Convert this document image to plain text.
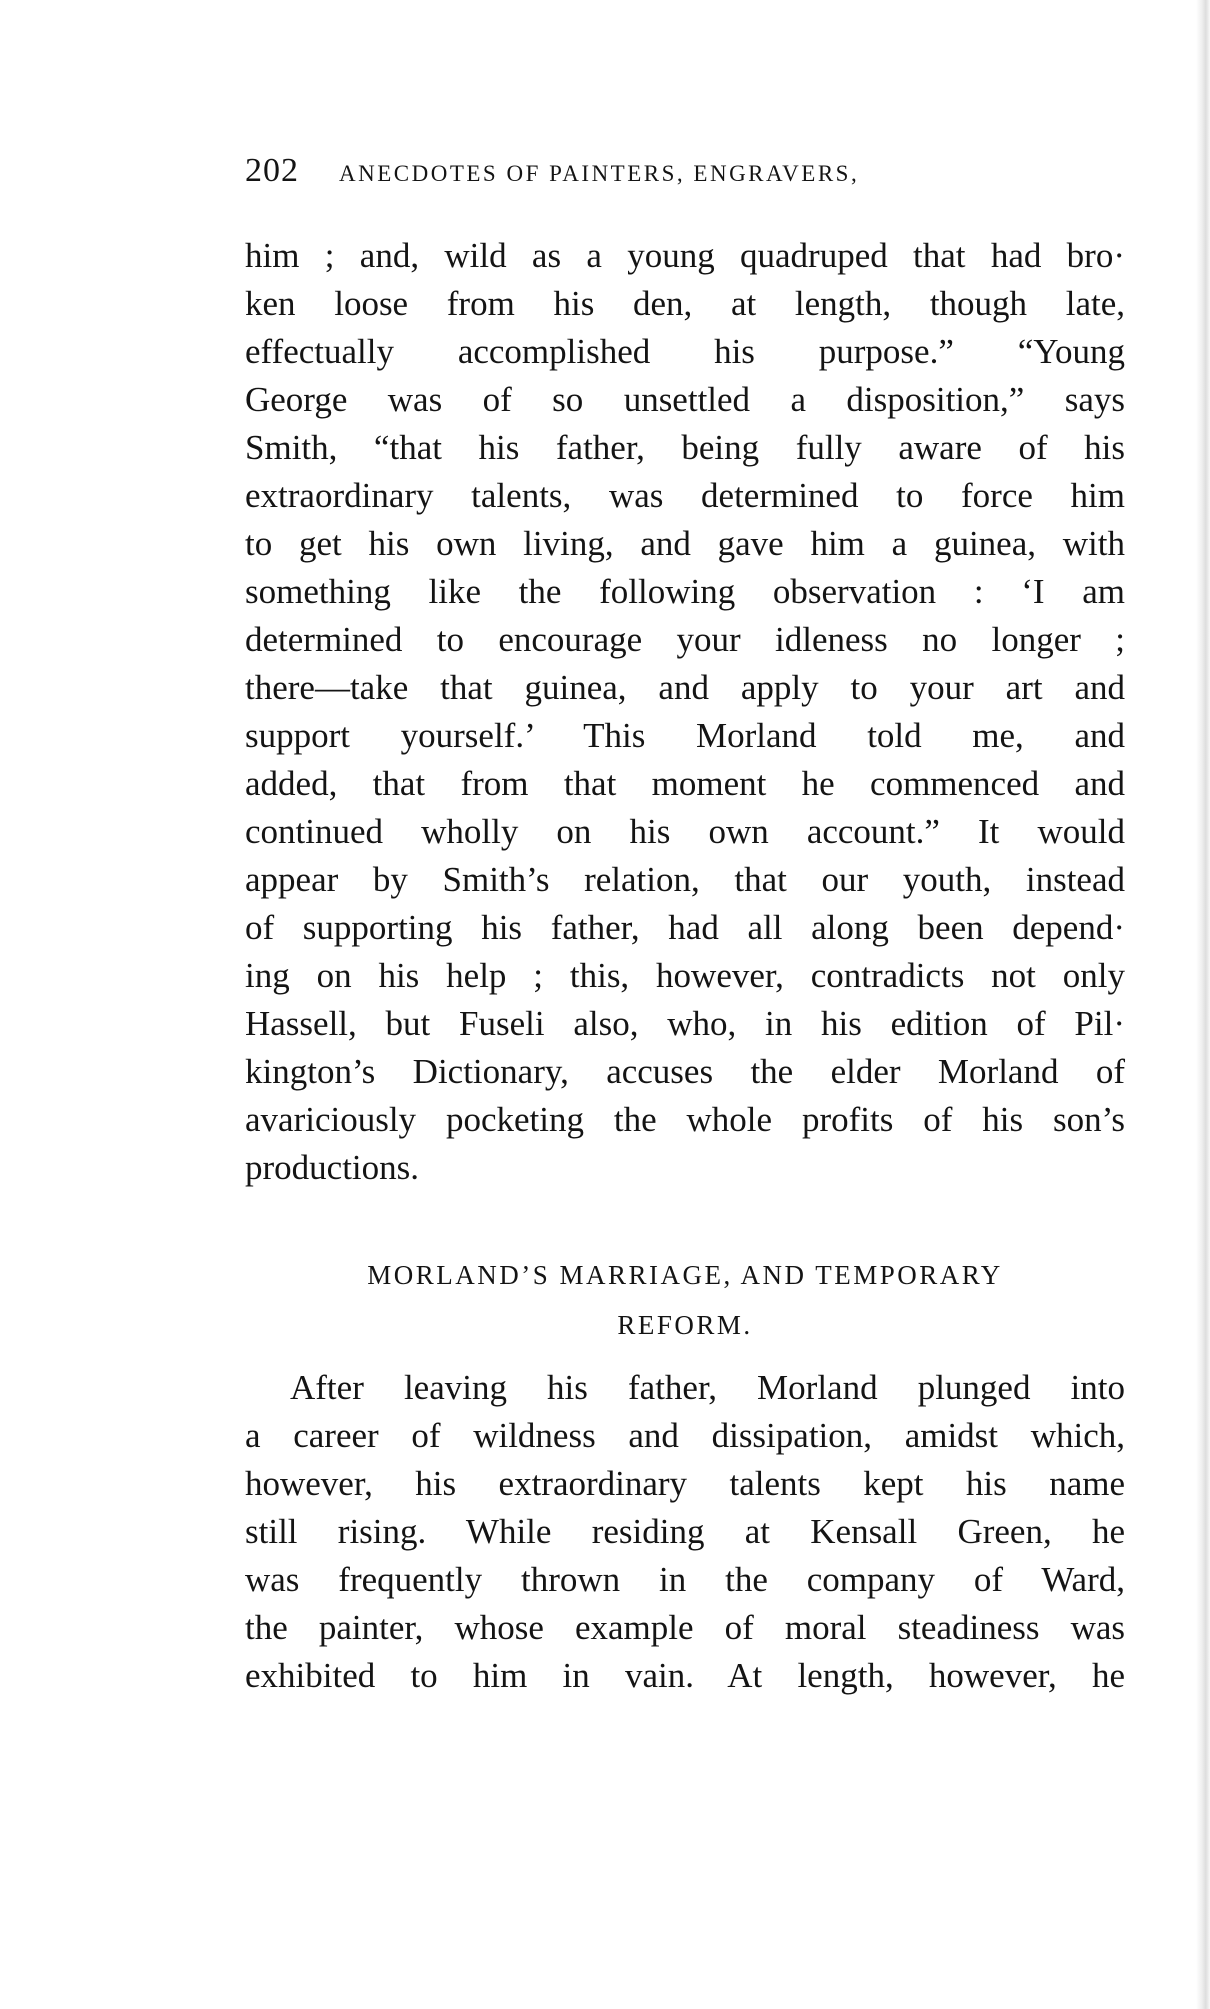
202 ANECDOTES OF PAINTERS, ENGRAVERS,
him ; and, wild as a young quadruped that had bro·
ken loose from his den, at length, though late,
effectually accomplished his purpose.” “Young
George was of so unsettled a disposition,” says
Smith, “that his father, being fully aware of his
extraordinary talents, was determined to force him
to get his own living, and gave him a guinea, with
something like the following observation : ‘I am
determined to encourage your idleness no longer ;
there—take that guinea, and apply to your art and
support yourself.’ This Morland told me, and
added, that from that moment he commenced and
continued wholly on his own account.” It would
appear by Smith’s relation, that our youth, instead
of supporting his father, had all along been depend·
ing on his help ; this, however, contradicts not only
Hassell, but Fuseli also, who, in his edition of Pil·
kington’s Dictionary, accuses the elder Morland of
avariciously pocketing the whole profits of his son’s
productions.
MORLAND’S MARRIAGE, AND TEMPORARY
REFORM.
After leaving his father, Morland plunged into
a career of wildness and dissipation, amidst which,
however, his extraordinary talents kept his name
still rising. While residing at Kensall Green, he
was frequently thrown in the company of Ward,
the painter, whose example of moral steadiness was
exhibited to him in vain. At length, however, he
